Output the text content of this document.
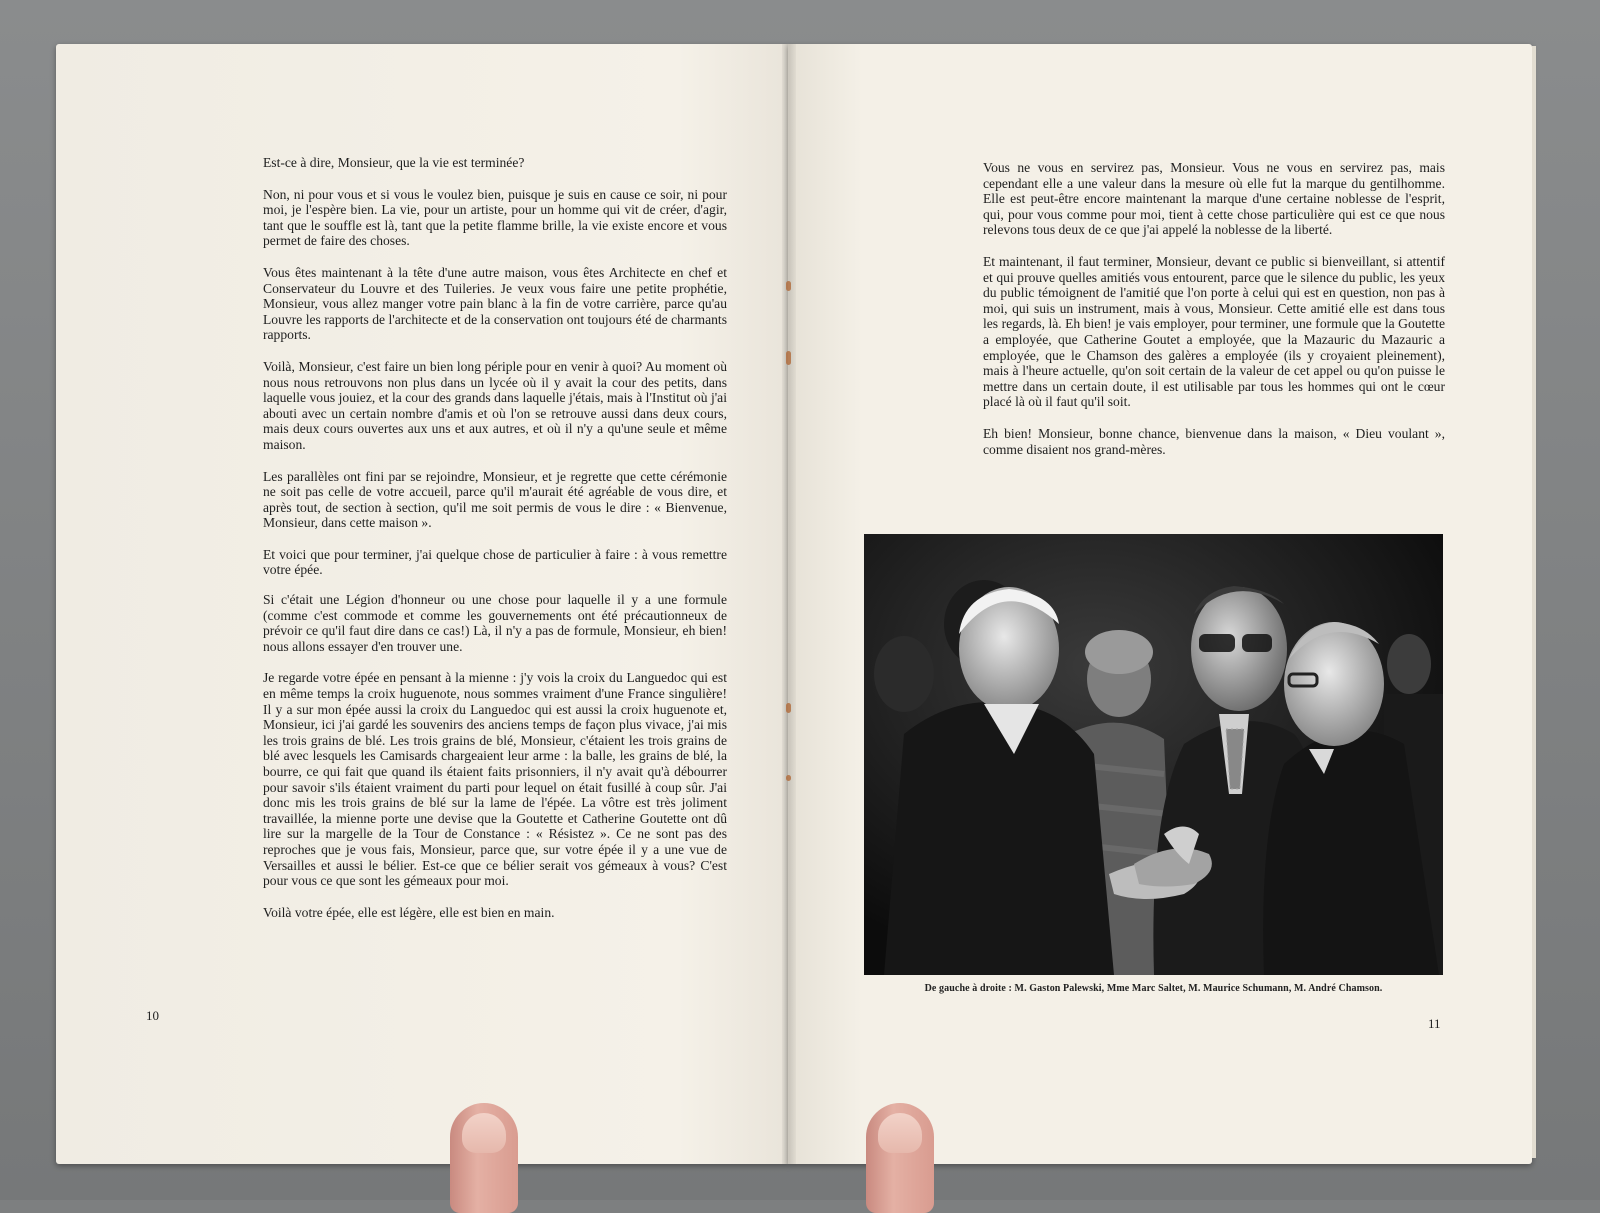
Est-ce à dire, Monsieur, que la vie est terminée?

Non, ni pour vous et si vous le voulez bien, puisque je suis en cause ce soir, ni pour moi, je l'espère bien. La vie, pour un artiste, pour un homme qui vit de créer, d'agir, tant que le souffle est là, tant que la petite flamme brille, la vie existe encore et vous permet de faire des choses.

Vous êtes maintenant à la tête d'une autre maison, vous êtes Architecte en chef et Conservateur du Louvre et des Tuileries. Je veux vous faire une petite prophétie, Monsieur, vous allez manger votre pain blanc à la fin de votre carrière, parce qu'au Louvre les rapports de l'architecte et de la conservation ont toujours été de charmants rapports.

Voilà, Monsieur, c'est faire un bien long périple pour en venir à quoi? Au moment où nous nous retrouvons non plus dans un lycée où il y avait la cour des petits, dans laquelle vous jouiez, et la cour des grands dans laquelle j'étais, mais à l'Institut où j'ai abouti avec un certain nombre d'amis et où l'on se retrouve aussi dans deux cours, mais deux cours ouvertes aux uns et aux autres, et où il n'y a qu'une seule et même maison.

Les parallèles ont fini par se rejoindre, Monsieur, et je regrette que cette cérémonie ne soit pas celle de votre accueil, parce qu'il m'aurait été agréable de vous dire, et après tout, de section à section, qu'il me soit permis de vous le dire : « Bienvenue, Monsieur, dans cette maison ».

Et voici que pour terminer, j'ai quelque chose de particulier à faire : à vous remettre votre épée.

Si c'était une Légion d'honneur ou une chose pour laquelle il y a une formule (comme c'est commode et comme les gouvernements ont été précautionneux de prévoir ce qu'il faut dire dans ce cas!) Là, il n'y a pas de formule, Monsieur, eh bien! nous allons essayer d'en trouver une.

Je regarde votre épée en pensant à la mienne : j'y vois la croix du Languedoc qui est en même temps la croix huguenote, nous sommes vraiment d'une France singulière! Il y a sur mon épée aussi la croix du Languedoc qui est aussi la croix huguenote et, Monsieur, ici j'ai gardé les souvenirs des anciens temps de façon plus vivace, j'ai mis les trois grains de blé. Les trois grains de blé, Monsieur, c'étaient les trois grains de blé avec lesquels les Camisards chargeaient leur arme : la balle, les grains de blé, la bourre, ce qui fait que quand ils étaient faits prisonniers, il n'y avait qu'à débourrer pour savoir s'ils étaient vraiment du parti pour lequel on était fusillé à coup sûr. J'ai donc mis les trois grains de blé sur la lame de l'épée. La vôtre est très joliment travaillée, la mienne porte une devise que la Goutette et Catherine Goutette ont dû lire sur la margelle de la Tour de Constance : « Résistez ». Ce ne sont pas des reproches que je vous fais, Monsieur, parce que, sur votre épée il y a une vue de Versailles et aussi le bélier. Est-ce que ce bélier serait vos gémeaux à vous? C'est pour vous ce que sont les gémeaux pour moi.

Voilà votre épée, elle est légère, elle est bien en main.

10

Vous ne vous en servirez pas, Monsieur. Vous ne vous en servirez pas, mais cependant elle a une valeur dans la mesure où elle fut la marque du gentilhomme. Elle est peut-être encore maintenant la marque d'une certaine noblesse de l'esprit, qui, pour vous comme pour moi, tient à cette chose particulière qui est ce que nous relevons tous deux de ce que j'ai appelé la noblesse de la liberté.

Et maintenant, il faut terminer, Monsieur, devant ce public si bienveillant, si attentif et qui prouve quelles amitiés vous entourent, parce que le silence du public, les yeux du public témoignent de l'amitié que l'on porte à celui qui est en question, non pas à moi, qui suis un instrument, mais à vous, Monsieur. Cette amitié elle est dans tous les regards, là. Eh bien! je vais employer, pour terminer, une formule que la Goutette a employée, que Catherine Goutet a employée, que la Mazauric du Mazauric a employée, que le Chamson des galères a employée (ils y croyaient pleinement), mais à l'heure actuelle, qu'on soit certain de la valeur de cet appel ou qu'on puisse le mettre dans un certain doute, il est utilisable par tous les hommes qui ont le cœur placé là où il faut qu'il soit.

Eh bien! Monsieur, bonne chance, bienvenue dans la maison, « Dieu voulant », comme disaient nos grand-mères.

De gauche à droite : M. Gaston Palewski, Mme Marc Saltet, M. Maurice Schumann, M. André Chamson.
11
